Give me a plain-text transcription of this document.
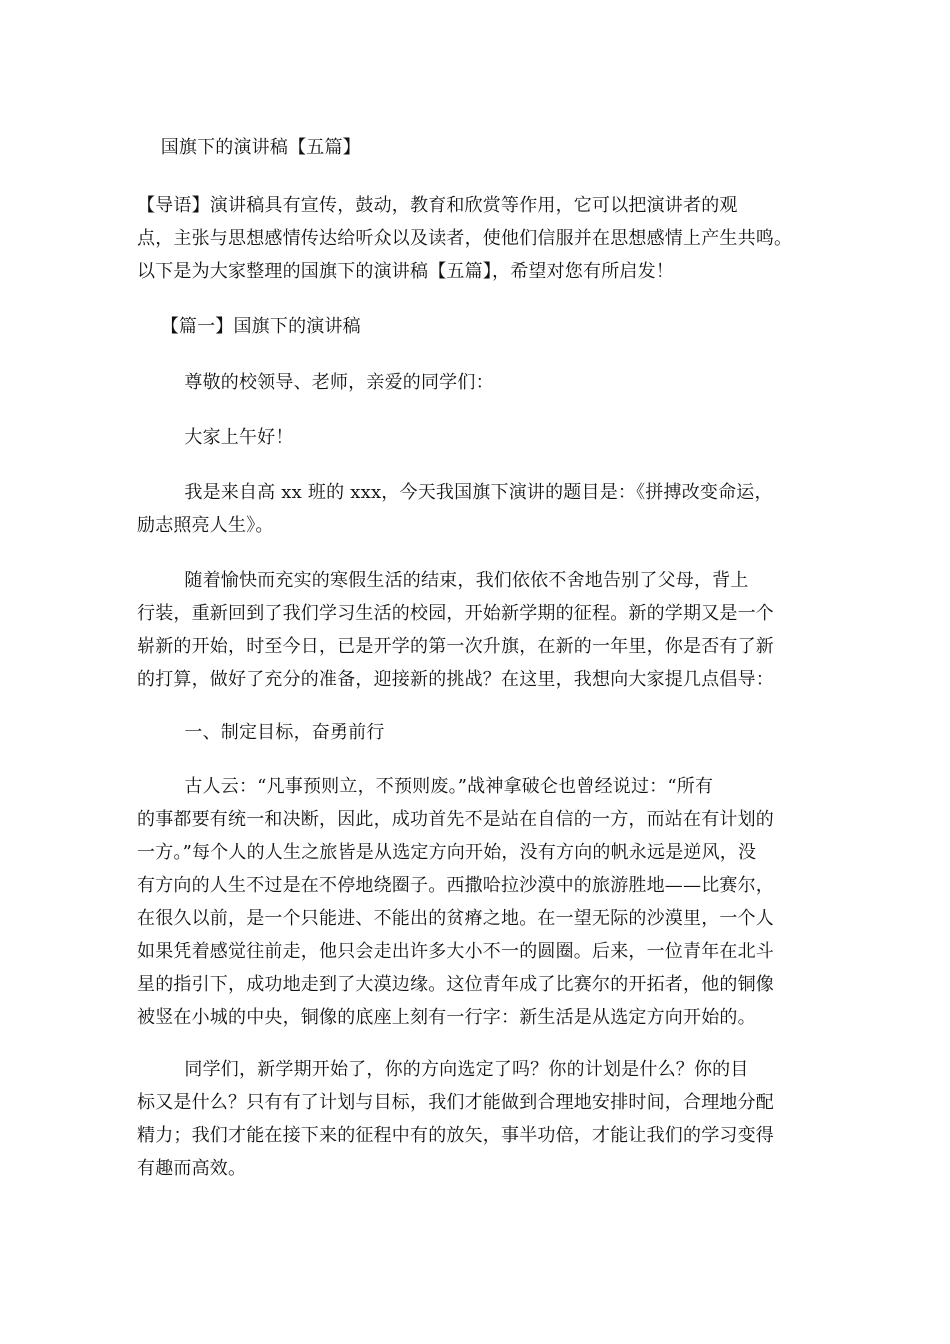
国旗下的演讲稿【五篇】
【导语】演讲稿具有宣传，鼓动，教育和欣赏等作用，它可以把演讲者的观
点，主张与思想感情传达给听众以及读者，使他们信服并在思想感情上产生共鸣。
以下是为大家整理的国旗下的演讲稿【五篇】，希望对您有所启发！
【篇一】国旗下的演讲稿
尊敬的校领导、老师，亲爱的同学们：
大家上午好！
我是来自高 xx 班的 xxx，今天我国旗下演讲的题目是：《拼搏改变命运，
励志照亮人生》。
随着愉快而充实的寒假生活的结束，我们依依不舍地告别了父母，背上
行装，重新回到了我们学习生活的校园，开始新学期的征程。新的学期又是一个
崭新的开始，时至今日，已是开学的第一次升旗，在新的一年里，你是否有了新
的打算，做好了充分的准备，迎接新的挑战？在这里，我想向大家提几点倡导：
一、制定目标，奋勇前行
古人云：“凡事预则立，不预则废。”战神拿破仑也曾经说过：“所有
的事都要有统一和决断，因此，成功首先不是站在自信的一方，而站在有计划的
一方。”每个人的人生之旅皆是从选定方向开始，没有方向的帆永远是逆风，没
有方向的人生不过是在不停地绕圈子。西撒哈拉沙漠中的旅游胜地——比赛尔，
在很久以前，是一个只能进、不能出的贫瘠之地。在一望无际的沙漠里，一个人
如果凭着感觉往前走，他只会走出许多大小不一的圆圈。后来，一位青年在北斗
星的指引下，成功地走到了大漠边缘。这位青年成了比赛尔的开拓者，他的铜像
被竖在小城的中央，铜像的底座上刻有一行字：新生活是从选定方向开始的。
同学们，新学期开始了，你的方向选定了吗？你的计划是什么？你的目
标又是什么？只有有了计划与目标，我们才能做到合理地安排时间，合理地分配
精力；我们才能在接下来的征程中有的放矢，事半功倍，才能让我们的学习变得
有趣而高效。
